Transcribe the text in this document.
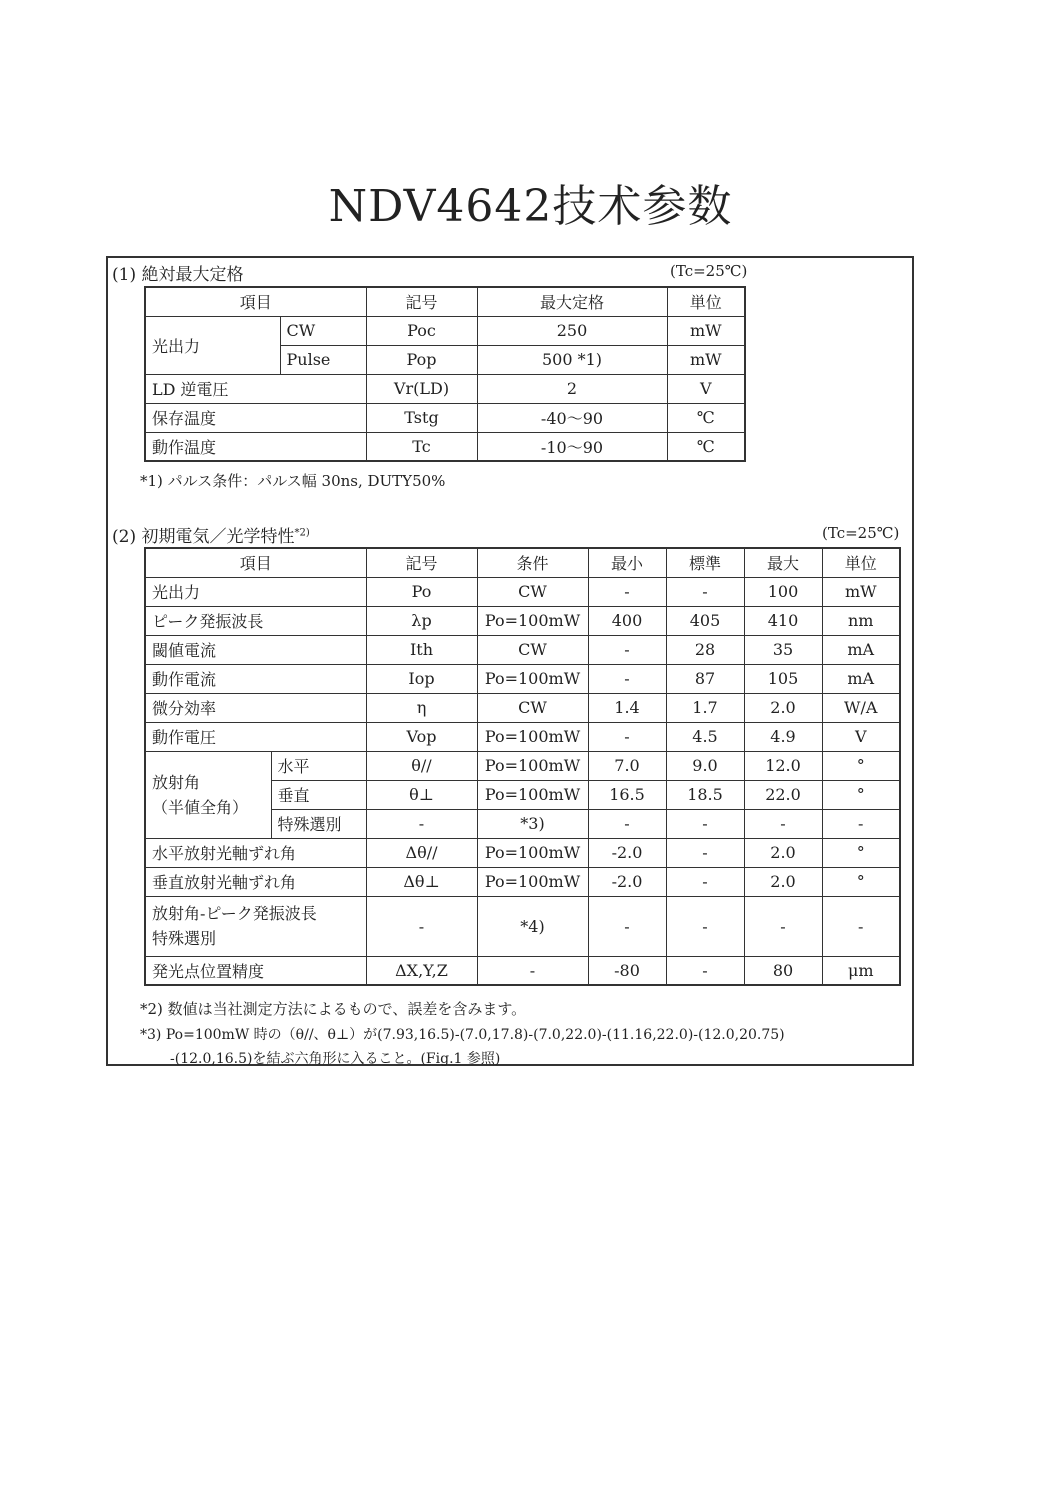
NDV4642技术参数
(1) 絶対最大定格	(Tc=25℃)
項目		記号	最大定格	単位
光出力	CW	Poc	250	mW
	Pulse	Pop	500 *1)	mW
LD 逆電圧		Vr(LD)	2	V
保存温度		Tstg	-40～90	℃
動作温度		Tc	-10～90	℃
*1) パルス条件：パルス幅 30ns, DUTY50%
(2) 初期電気／光学特性$^{*2)}$	(Tc=25℃)
項目		記号	条件	最小	標準	最大	単位
光出力		Po	CW	-	-	100	mW
ピーク発振波長		λp	Po=100mW	400	405	410	nm
閾値電流		Ith	CW	-	28	35	mA
動作電流		Iop	Po=100mW	-	87	105	mA
微分効率		η	CW	1.4	1.7	2.0	W/A
動作電圧		Vop	Po=100mW	-	4.5	4.9	V

放射角
（半値全角）	水平	θ//	Po=100mW	7.0	9.0	12.0	°
	垂直	θ⊥	Po=100mW	16.5	18.5	22.0	°
	特殊選別	-	*3)	-	-	-	-
水平放射光軸ずれ角		Δθ//	Po=100mW	-2.0	-	2.0	°
垂直放射光軸ずれ角		Δθ⊥	Po=100mW	-2.0	-	2.0	°

放射角-ピーク発振波長
特殊選別		-	*4)	-	-	-	-
発光点位置精度		ΔX,Y,Z	-	-80	-	80	μm
*2) 数値は当社測定方法によるもので、誤差を含みます。
*3) Po=100mW 時の（θ//、θ⊥）が(7.93,16.5)-(7.0,17.8)-(7.0,22.0)-(11.16,22.0)-(12.0,20.75)
-(12.0,16.5)を結ぶ六角形に入ること。(Fig.1 参照)
